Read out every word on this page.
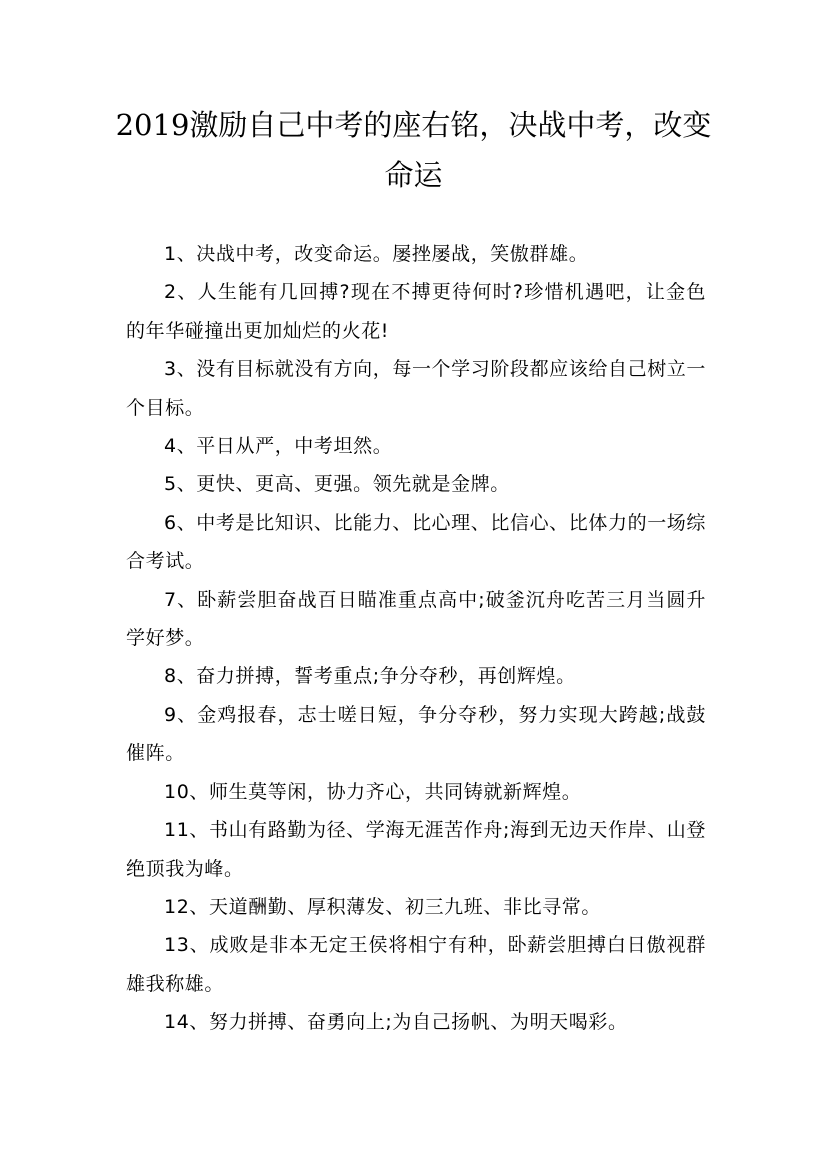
2019激励自己中考的座右铭，决战中考，改变命运

1、决战中考，改变命运。屡挫屡战，笑傲群雄。

2、人生能有几回搏?现在不搏更待何时?珍惜机遇吧，让金色的年华碰撞出更加灿烂的火花!

3、没有目标就没有方向，每一个学习阶段都应该给自己树立一个目标。

4、平日从严，中考坦然。

5、更快、更高、更强。领先就是金牌。

6、中考是比知识、比能力、比心理、比信心、比体力的一场综合考试。

7、卧薪尝胆奋战百日瞄准重点高中;破釜沉舟吃苦三月当圆升学好梦。

8、奋力拼搏，誓考重点;争分夺秒，再创辉煌。

9、金鸡报春，志士嗟日短，争分夺秒，努力实现大跨越;战鼓催阵。

10、师生莫等闲，协力齐心，共同铸就新辉煌。

11、书山有路勤为径、学海无涯苦作舟;海到无边天作岸、山登绝顶我为峰。

12、天道酬勤、厚积薄发、初三九班、非比寻常。

13、成败是非本无定王侯将相宁有种，卧薪尝胆搏白日傲视群雄我称雄。

14、努力拼搏、奋勇向上;为自己扬帆、为明天喝彩。
